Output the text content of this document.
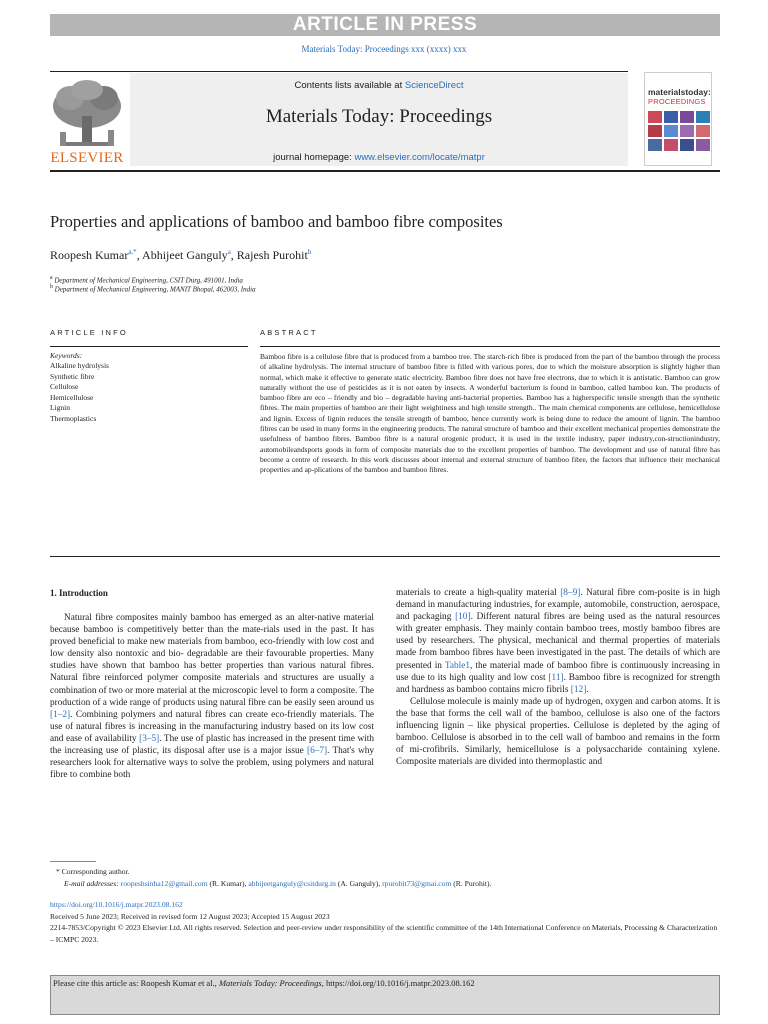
ARTICLE IN PRESS
Materials Today: Proceedings xxx (xxxx) xxx
ELSEVIER
Contents lists available at ScienceDirect
Materials Today: Proceedings
journal homepage: www.elsevier.com/locate/matpr
materialstoday:
PROCEEDINGS
Properties and applications of bamboo and bamboo fibre composites
Roopesh Kumar$^{a,*}$, Abhijeet Ganguly$^a$, Rajesh Purohit$^b$
$^a$ Department of Mechanical Engineering, CSIT Durg, 491001, India
$^b$ Department of Mechanical Engineering, MANIT Bhopal, 462003, India
ARTICLE INFO	ABSTRACT
Keywords:
Alkaline hydrolysis
Synthetic fibre
Cellulose
Hemicellulose
Lignin
Thermoplastics
Bamboo fibre is a cellulose fibre that is produced from a bamboo tree. The starch-rich fibre is produced from the part of the bamboo through the process of alkaline hydrolysis. The internal structure of bamboo fibre is filled with various pores, due to which the moisture absorption is slightly higher than normal, which make it effective to generate static electricity. Bamboo fibre does not have free electrons, due to which it is antistatic. Bamboo can grow naturally without the use of pesticides as it is not eaten by insects. A wonderful bacterium is found in bamboo, called bamboo kun. The products of bamboo fibre are eco – friendly and bio – degradable having anti-bacterial properties. Bamboo has a higherspecific tensile strength than the synthetic fibres. The main properties of bamboo are their light weightiness and high tensile strength.. The main chemical components are cellulose, hemicellulose and lignin. Excess of lignin reduces the tensile strength of bamboo, hence currently work is being done to reduce the amount of lignin. The bamboo fibres can be used in many forms in the engineering products. The natural structure of bamboo and their excellent mechanical properties demonstrate the usefulness of bamboo fibres. Bamboo fibre is a natural orogenic product, it is used in the textile industry, paper industry,con-structionindustry, automobileandsports goods in form of composite materials due to the excellent properties of bamboo. The development and use of natural fibre has become a centre of research. In this work discusses about internal and external structure of bamboo fibre, the factors that influence their mechanical properties and ap-plications of the bamboo and bamboo fibres.
1. Introduction

Natural fibre composites mainly bamboo has emerged as an alter-native material because bamboo is competitively better than the mate-rials used in the past. It has proved beneficial to make new materials from bamboo, eco-friendly with low cost and low density also nontoxic and bio- degradable are their favourable properties. Many studies have shown that bamboo has better properties than various natural fibres. Natural fibre reinforced polymer composite materials and structures are usually a combination of two or more material at the microscopic level to form a composite. The production of a wide range of products using natural fibre can be easily seen around us [1–2]. Combining polymers and natural fibres can create eco-friendly materials. The use of natural fibres is increasing in the manufacturing industry based on its low cost and ease of availability [3–5]. The use of plastic has increased in the present time with the increasing use of plastic, its disposal after use is a major issue [6–7]. That's why researchers look for alternative ways to solve the problem, using polymers and natural fibre to combine both

materials to create a high-quality material [8–9]. Natural fibre com-posite is in high demand in manufacturing industries, for example, automobile, construction, aerospace, and packaging [10]. Different natural fibres are being used as the natural resources with greater emphasis. They mainly contain bamboo trees, mostly bamboo fibres are used by researchers. The physical, mechanical and thermal properties of materials made from bamboo fibres have been investigated in the past. The details of which are presented in Table1, the material made of bamboo fibre is continuously increasing in use due to its high quality and low cost [11]. Bamboo fibre is recognized for strength and hardness as bamboo contains micro fibrils [12].

Cellulose molecule is mainly made up of hydrogen, oxygen and carbon atoms. It is the base that forms the cell wall of the bamboo, cellulose is also one of the factors influencing lignin – like physical properties. Cellulose is depleted by the aging of bamboo. Cellulose is absorbed in to the cell wall of bamboo and remains in the form of mi-crofibrils. Similarly, hemicellulose is a polysaccharide containing xylene. Composite materials are divided into thermoplastic and

* Corresponding author.
E-mail addresses: roopeshsinha12@gmail.com (R. Kumar), abhijeetganguly@csitdurg.in (A. Ganguly), rpurohit73@gmai.com (R. Purohit).
https://doi.org/10.1016/j.matpr.2023.08.162
Received 5 June 2023; Received in revised form 12 August 2023; Accepted 15 August 2023
2214-7853/Copyright © 2023 Elsevier Ltd. All rights reserved. Selection and peer-review under responsibility of the scientific committee of the 14th International Conference on Materials, Processing & Characterization – ICMPC 2023.
Please cite this article as: Roopesh Kumar et al., Materials Today: Proceedings, https://doi.org/10.1016/j.matpr.2023.08.162
